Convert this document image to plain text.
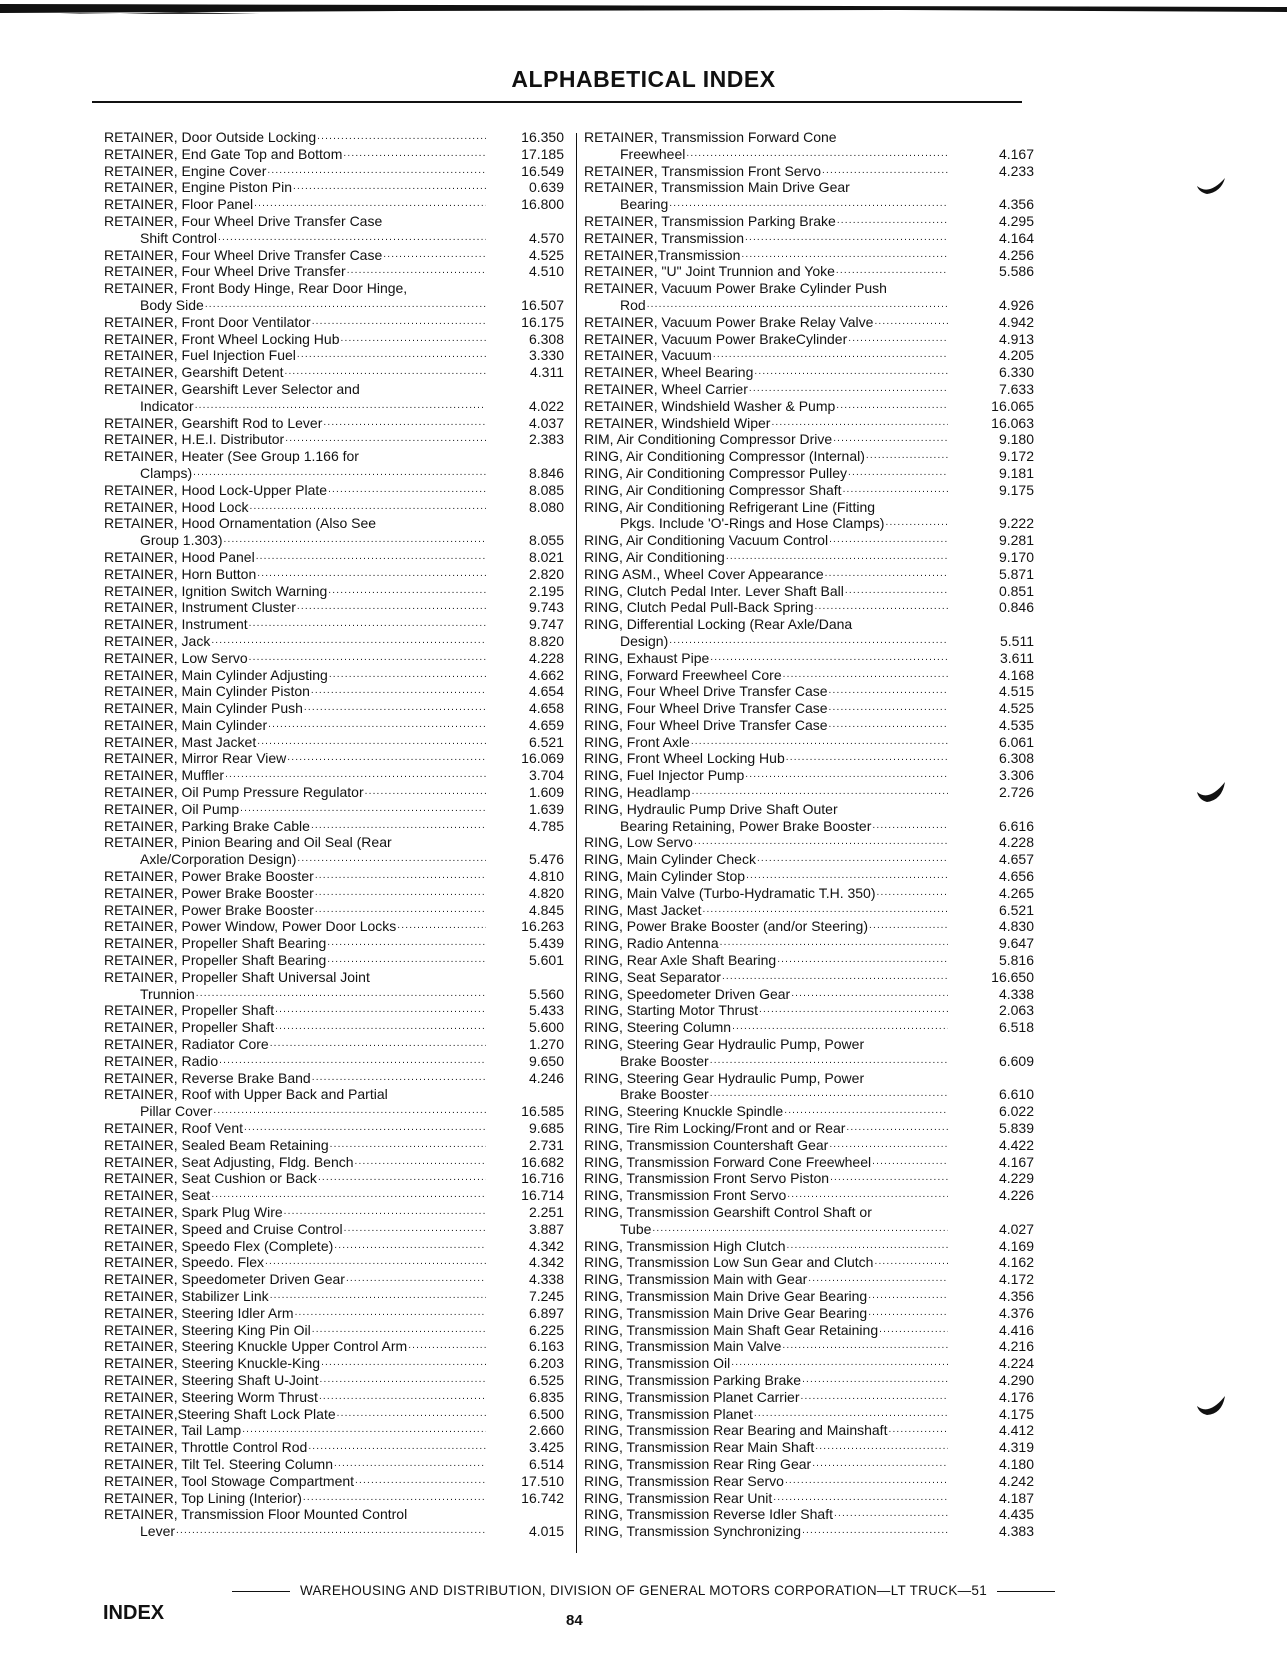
ALPHABETICAL INDEX
RETAINER, Door Outside Locking .....	16.350
RETAINER, End Gate Top and Bottom .....	17.185
RETAINER, Engine Cover .....	16.549
RETAINER, Engine Piston Pin .....	0.639
RETAINER, Floor Panel .....	16.800
RETAINER, Four Wheel Drive Transfer Case
Shift Control .....	4.570
RETAINER, Four Wheel Drive Transfer Case .....	4.525
RETAINER, Four Wheel Drive Transfer .....	4.510
RETAINER, Front Body Hinge, Rear Door Hinge,
Body Side .....	16.507
RETAINER, Front Door Ventilator .....	16.175
RETAINER, Front Wheel Locking Hub .....	6.308
RETAINER, Fuel Injection Fuel .....	3.330
RETAINER, Gearshift Detent .....	4.311
RETAINER, Gearshift Lever Selector and
Indicator .....	4.022
RETAINER, Gearshift Rod to Lever .....	4.037
RETAINER, H.E.I. Distributor .....	2.383
RETAINER, Heater (See Group 1.166 for
Clamps) .....	8.846
RETAINER, Hood Lock-Upper Plate .....	8.085
RETAINER, Hood Lock .....	8.080
RETAINER, Hood Ornamentation (Also See
Group 1.303) .....	8.055
RETAINER, Hood Panel .....	8.021
RETAINER, Horn Button .....	2.820
RETAINER, Ignition Switch Warning .....	2.195
RETAINER, Instrument Cluster .....	9.743
RETAINER, Instrument .....	9.747
RETAINER, Jack .....	8.820
RETAINER, Low Servo .....	4.228
RETAINER, Main Cylinder Adjusting .....	4.662
RETAINER, Main Cylinder Piston .....	4.654
RETAINER, Main Cylinder Push .....	4.658
RETAINER, Main Cylinder .....	4.659
RETAINER, Mast Jacket .....	6.521
RETAINER, Mirror Rear View .....	16.069
RETAINER, Muffler .....	3.704
RETAINER, Oil Pump Pressure Regulator .....	1.609
RETAINER, Oil Pump .....	1.639
RETAINER, Parking Brake Cable .....	4.785
RETAINER, Pinion Bearing and Oil Seal (Rear
Axle/Corporation Design) .....	5.476
RETAINER, Power Brake Booster .....	4.810
RETAINER, Power Brake Booster .....	4.820
RETAINER, Power Brake Booster .....	4.845
RETAINER, Power Window, Power Door Locks .....	16.263
RETAINER, Propeller Shaft Bearing .....	5.439
RETAINER, Propeller Shaft Bearing .....	5.601
RETAINER, Propeller Shaft Universal Joint
Trunnion .....	5.560
RETAINER, Propeller Shaft .....	5.433
RETAINER, Propeller Shaft .....	5.600
RETAINER, Radiator Core .....	1.270
RETAINER, Radio .....	9.650
RETAINER, Reverse Brake Band .....	4.246
RETAINER, Roof with Upper Back and Partial
Pillar Cover .....	16.585
RETAINER, Roof Vent .....	9.685
RETAINER, Sealed Beam Retaining .....	2.731
RETAINER, Seat Adjusting, Fldg. Bench .....	16.682
RETAINER, Seat Cushion or Back .....	16.716
RETAINER, Seat .....	16.714
RETAINER, Spark Plug Wire .....	2.251
RETAINER, Speed and Cruise Control .....	3.887
RETAINER, Speedo Flex (Complete) .....	4.342
RETAINER, Speedo. Flex .....	4.342
RETAINER, Speedometer Driven Gear .....	4.338
RETAINER, Stabilizer Link .....	7.245
RETAINER, Steering Idler Arm .....	6.897
RETAINER, Steering King Pin Oil .....	6.225
RETAINER, Steering Knuckle Upper Control Arm .....	6.163
RETAINER, Steering Knuckle-King .....	6.203
RETAINER, Steering Shaft U-Joint .....	6.525
RETAINER, Steering Worm Thrust .....	6.835
RETAINER,Steering Shaft Lock Plate .....	6.500
RETAINER, Tail Lamp .....	2.660
RETAINER, Throttle Control Rod .....	3.425
RETAINER, Tilt Tel. Steering Column .....	6.514
RETAINER, Tool Stowage Compartment .....	17.510
RETAINER, Top Lining (Interior) .....	16.742
RETAINER, Transmission Floor Mounted Control
Lever .....	4.015
RETAINER, Transmission Forward Cone
Freewheel .....	4.167
RETAINER, Transmission Front Servo .....	4.233
RETAINER, Transmission Main Drive Gear
Bearing .....	4.356
RETAINER, Transmission Parking Brake .....	4.295
RETAINER, Transmission .....	4.164
RETAINER,Transmission .....	4.256
RETAINER, "U" Joint Trunnion and Yoke .....	5.586
RETAINER, Vacuum Power Brake Cylinder Push
Rod .....	4.926
RETAINER, Vacuum Power Brake Relay Valve .....	4.942
RETAINER, Vacuum Power BrakeCylinder .....	4.913
RETAINER, Vacuum .....	4.205
RETAINER, Wheel Bearing .....	6.330
RETAINER, Wheel Carrier .....	7.633
RETAINER, Windshield Washer & Pump .....	16.065
RETAINER, Windshield Wiper .....	16.063
RIM, Air Conditioning Compressor Drive .....	9.180
RING, Air Conditioning Compressor (Internal) .....	9.172
RING, Air Conditioning Compressor Pulley .....	9.181
RING, Air Conditioning Compressor Shaft .....	9.175
RING, Air Conditioning Refrigerant Line (Fitting
Pkgs. Include 'O'-Rings and Hose Clamps) .....	9.222
RING, Air Conditioning Vacuum Control .....	9.281
RING, Air Conditioning .....	9.170
RING ASM., Wheel Cover Appearance .....	5.871
RING, Clutch Pedal Inter. Lever Shaft Ball .....	0.851
RING, Clutch Pedal Pull-Back Spring .....	0.846
RING, Differential Locking (Rear Axle/Dana
Design) .....	5.511
RING, Exhaust Pipe .....	3.611
RING, Forward Freewheel Core .....	4.168
RING, Four Wheel Drive Transfer Case .....	4.515
RING, Four Wheel Drive Transfer Case .....	4.525
RING, Four Wheel Drive Transfer Case .....	4.535
RING, Front Axle .....	6.061
RING, Front Wheel Locking Hub .....	6.308
RING, Fuel Injector Pump .....	3.306
RING, Headlamp .....	2.726
RING, Hydraulic Pump Drive Shaft Outer
Bearing Retaining, Power Brake Booster .....	6.616
RING, Low Servo .....	4.228
RING, Main Cylinder Check .....	4.657
RING, Main Cylinder Stop .....	4.656
RING, Main Valve (Turbo-Hydramatic T.H. 350) .....	4.265
RING, Mast Jacket .....	6.521
RING, Power Brake Booster (and/or Steering) .....	4.830
RING, Radio Antenna .....	9.647
RING, Rear Axle Shaft Bearing .....	5.816
RING, Seat Separator .....	16.650
RING, Speedometer Driven Gear .....	4.338
RING, Starting Motor Thrust .....	2.063
RING, Steering Column .....	6.518
RING, Steering Gear Hydraulic Pump, Power
Brake Booster .....	6.609
RING, Steering Gear Hydraulic Pump, Power
Brake Booster .....	6.610
RING, Steering Knuckle Spindle .....	6.022
RING, Tire Rim Locking/Front and or Rear .....	5.839
RING, Transmission Countershaft Gear .....	4.422
RING, Transmission Forward Cone Freewheel .....	4.167
RING, Transmission Front Servo Piston .....	4.229
RING, Transmission Front Servo .....	4.226
RING, Transmission Gearshift Control Shaft or
Tube .....	4.027
RING, Transmission High Clutch .....	4.169
RING, Transmission Low Sun Gear and Clutch .....	4.162
RING, Transmission Main with Gear .....	4.172
RING, Transmission Main Drive Gear Bearing .....	4.356
RING, Transmission Main Drive Gear Bearing .....	4.376
RING, Transmission Main Shaft Gear Retaining .....	4.416
RING, Transmission Main Valve .....	4.216
RING, Transmission Oil .....	4.224
RING, Transmission Parking Brake .....	4.290
RING, Transmission Planet Carrier .....	4.176
RING, Transmission Planet .....	4.175
RING, Transmission Rear Bearing and Mainshaft .....	4.412
RING, Transmission Rear Main Shaft .....	4.319
RING, Transmission Rear Ring Gear .....	4.180
RING, Transmission Rear Servo .....	4.242
RING, Transmission Rear Unit .....	4.187
RING, Transmission Reverse Idler Shaft .....	4.435
RING, Transmission Synchronizing .....	4.383
WAREHOUSING AND DISTRIBUTION, DIVISION OF GENERAL MOTORS CORPORATION—LT TRUCK—51
INDEX	84
